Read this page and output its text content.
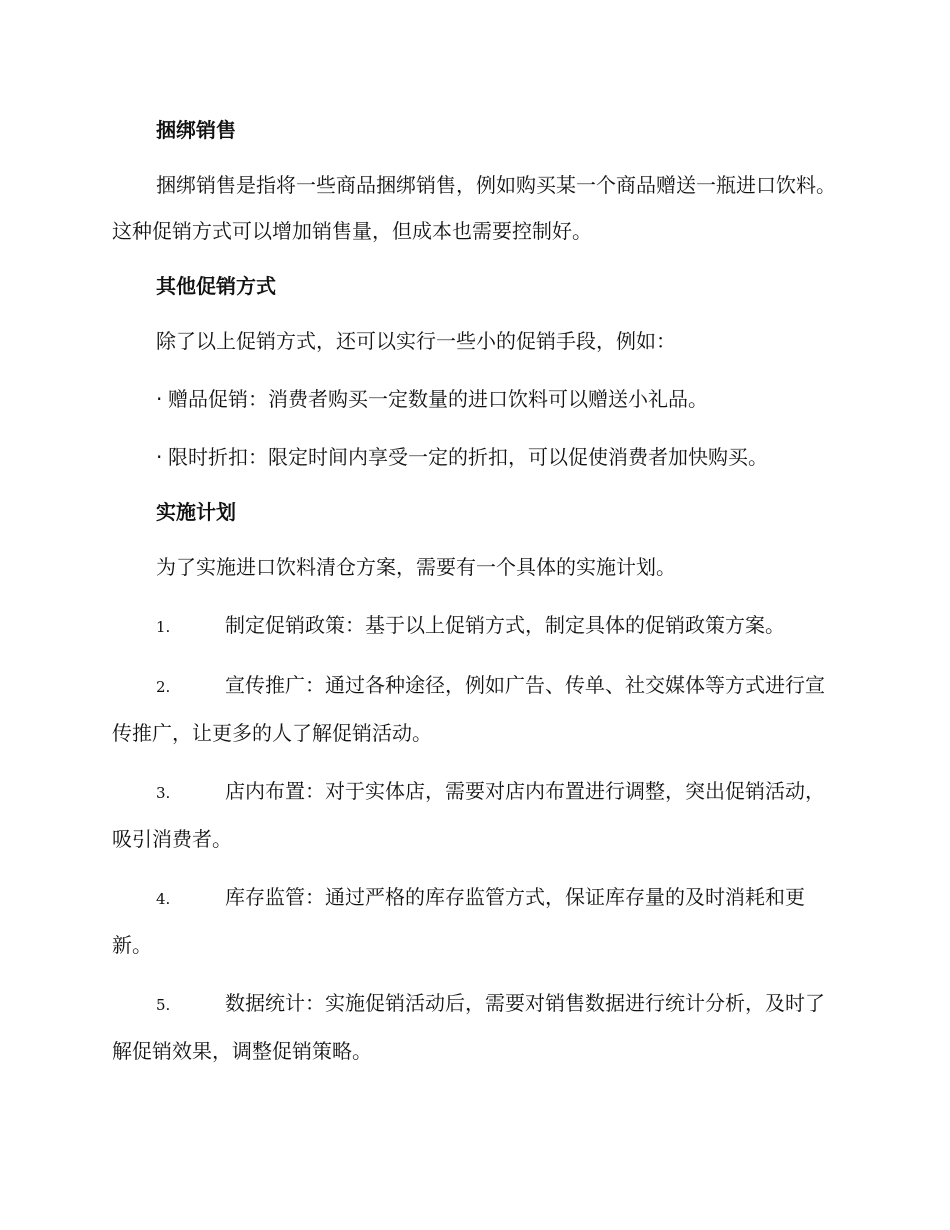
捆绑销售

捆绑销售是指将一些商品捆绑销售，例如购买某一个商品赠送一瓶进口饮料。这种促销方式可以增加销售量，但成本也需要控制好。

其他促销方式

除了以上促销方式，还可以实行一些小的促销手段，例如：

· 赠品促销：消费者购买一定数量的进口饮料可以赠送小礼品。

· 限时折扣：限定时间内享受一定的折扣，可以促使消费者加快购买。

实施计划

为了实施进口饮料清仓方案，需要有一个具体的实施计划。

1.	制定促销政策：基于以上促销方式，制定具体的促销政策方案。

2.	宣传推广：通过各种途径，例如广告、传单、社交媒体等方式进行宣传推广，让更多的人了解促销活动。

3.	店内布置：对于实体店，需要对店内布置进行调整，突出促销活动，吸引消费者。

4.	库存监管：通过严格的库存监管方式，保证库存量的及时消耗和更新。

5.	数据统计：实施促销活动后，需要对销售数据进行统计分析，及时了解促销效果，调整促销策略。
